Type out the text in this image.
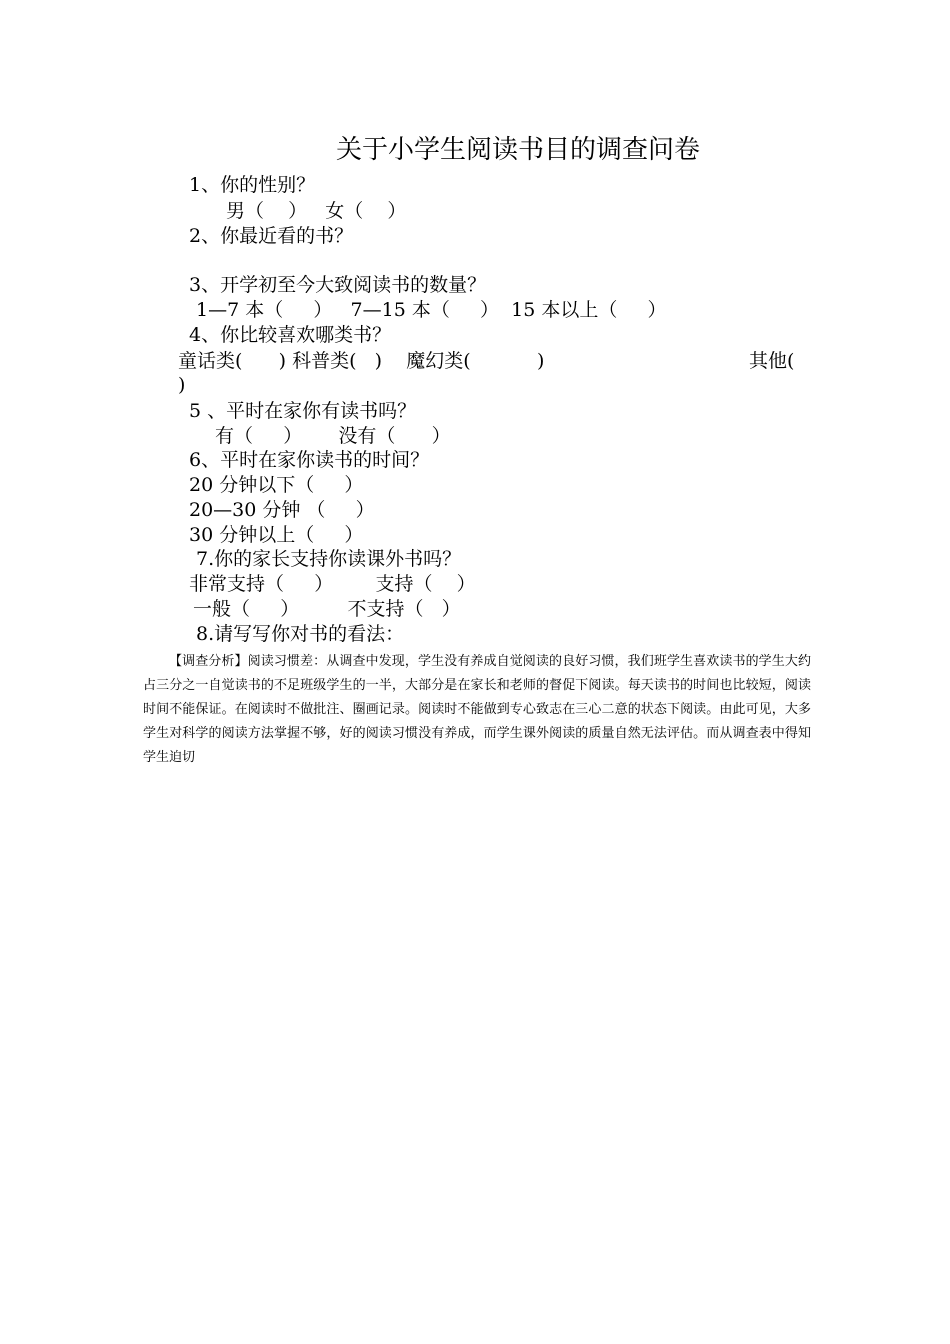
关于小学生阅读书目的调查问卷
1、你的性别？
男（    ）   女（    ）
2、你最近看的书？
3、开学初至今大致阅读书的数量？
1—7 本（     ）   7—15 本（     ）  15 本以上（     ）
4、你比较喜欢哪类书？
童话类(      ) 科普类(   )    魔幻类(           )	其他(
)
5 、平时在家你有读书吗？
有（     ）      没有（      ）
6、平时在家你读书的时间？
20 分钟以下（     ）
20—30 分钟 （     ）
30 分钟以上（     ）
7.你的家长支持你读课外书吗？
非常支持（     ）       支持（    ）
一般（     ）        不支持（   ）
8.请写写你对书的看法：
【调查分析】阅读习惯差：从调查中发现，学生没有养成自觉阅读的良好习惯，我们班学生喜欢读书的学生大约占三分之一自觉读书的不足班级学生的一半，大部分是在家长和老师的督促下阅读。每天读书的时间也比较短，阅读时间不能保证。在阅读时不做批注、圈画记录。阅读时不能做到专心致志在三心二意的状态下阅读。由此可见，大多学生对科学的阅读方法掌握不够，好的阅读习惯没有养成，而学生课外阅读的质量自然无法评估。而从调查表中得知学生迫切
